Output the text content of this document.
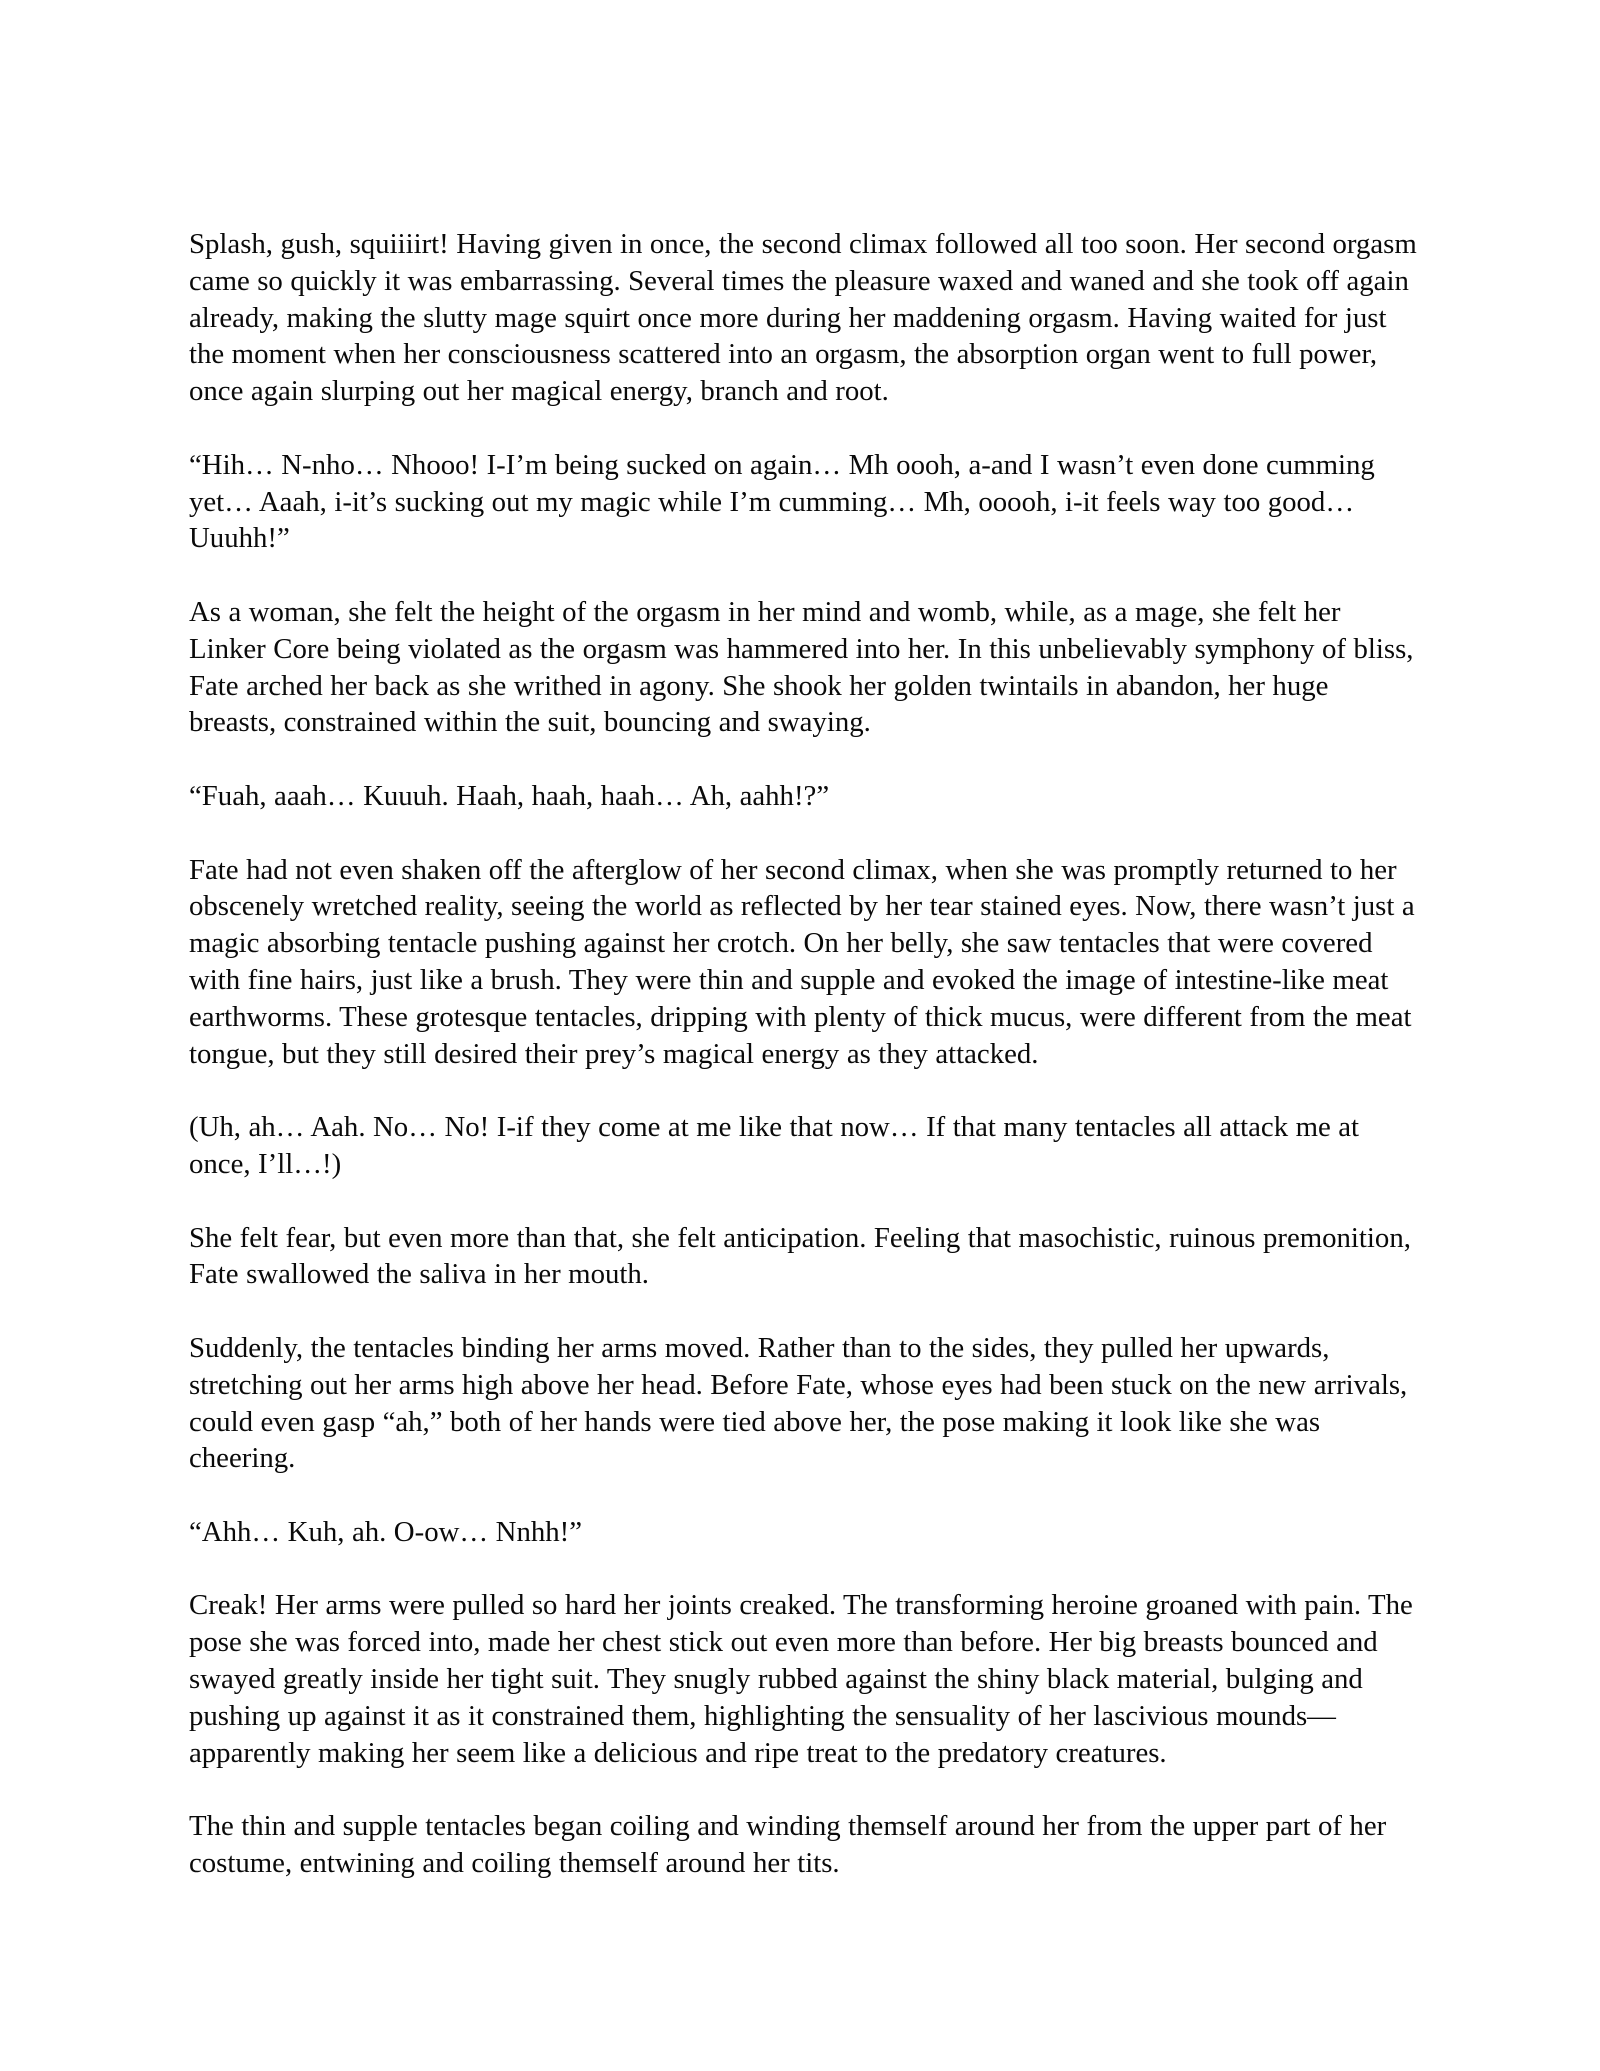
Splash, gush, squiiiirt! Having given in once, the second climax followed all too soon. Her second orgasm came so quickly it was embarrassing. Several times the pleasure waxed and waned and she took off again already, making the slutty mage squirt once more during her maddening orgasm. Having waited for just the moment when her consciousness scattered into an orgasm, the absorption organ went to full power, once again slurping out her magical energy, branch and root.

“Hih… N-nho… Nhooo! I-I’m being sucked on again… Mh oooh, a-and I wasn’t even done cumming yet… Aaah, i-it’s sucking out my magic while I’m cumming… Mh, ooooh, i-it feels way too good… Uuuhh!”

As a woman, she felt the height of the orgasm in her mind and womb, while, as a mage, she felt her Linker Core being violated as the orgasm was hammered into her. In this unbelievably symphony of bliss, Fate arched her back as she writhed in agony. She shook her golden twintails in abandon, her huge breasts, constrained within the suit, bouncing and swaying.

“Fuah, aaah… Kuuuh. Haah, haah, haah… Ah, aahh!?”

Fate had not even shaken off the afterglow of her second climax, when she was promptly returned to her obscenely wretched reality, seeing the world as reflected by her tear stained eyes. Now, there wasn’t just a magic absorbing tentacle pushing against her crotch. On her belly, she saw tentacles that were covered with fine hairs, just like a brush. They were thin and supple and evoked the image of intestine-like meat earthworms. These grotesque tentacles, dripping with plenty of thick mucus, were different from the meat tongue, but they still desired their prey’s magical energy as they attacked.

(Uh, ah… Aah. No… No! I-if they come at me like that now… If that many tentacles all attack me at once, I’ll…!)

She felt fear, but even more than that, she felt anticipation. Feeling that masochistic, ruinous premonition, Fate swallowed the saliva in her mouth.

Suddenly, the tentacles binding her arms moved. Rather than to the sides, they pulled her upwards, stretching out her arms high above her head. Before Fate, whose eyes had been stuck on the new arrivals, could even gasp “ah,” both of her hands were tied above her, the pose making it look like she was cheering.

“Ahh… Kuh, ah. O-ow… Nnhh!”

Creak! Her arms were pulled so hard her joints creaked. The transforming heroine groaned with pain. The pose she was forced into, made her chest stick out even more than before. Her big breasts bounced and swayed greatly inside her tight suit. They snugly rubbed against the shiny black material, bulging and pushing up against it as it constrained them, highlighting the sensuality of her lascivious mounds—apparently making her seem like a delicious and ripe treat to the predatory creatures.

The thin and supple tentacles began coiling and winding themself around her from the upper part of her costume, entwining and coiling themself around her tits.
